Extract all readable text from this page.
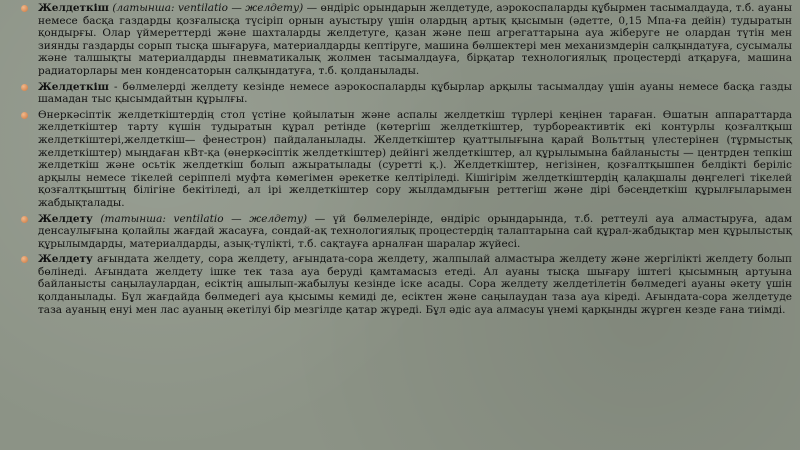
Желдеткіш (латынша: ventilatio — желдету) — өндіріс орындарын желдетуде, аэрокоспаларды құбырмен тасымалдауда, т.б. ауаны немесе басқа газдарды қозғалысқа түсіріп орнын ауыстыру үшін олардың артық қысымын (әдетте, 0,15 Мпа-ға дейін) тудыратын қондырғы. Олар үймереттерді және шахталарды желдетуге, қазан және пеш агрегаттарына ауа жіберуге не олардан түтін мен зиянды газдарды сорып тысқа шығаруға, материалдарды кептіруге, машина бөлшектері мен механизмдерін салқындатуға, сусымалы және талшықты материалдарды пневматикалық жолмен тасымалдауға, бірқатар технологиялық процестерді атқаруға, машина радиаторлары мен конденсаторын салқындатуға, т.б. қолданылады.

Желдеткіш - бөлмелерді желдету кезінде немесе аэрокоспаларды құбырлар арқылы тасымалдау үшін ауаны немесе басқа газды шамадан тыс қысымдайтын құрылғы.

Өнеркәсіптік желдеткіштердің стол үстіне қойылатын және аспалы желдеткіш түрлері кеңінен тараған. Өшатын аппараттарда желдеткіштер тарту күшін тудыратын құрал ретінде (көтергіш желдеткіштер, турбореактивтік екі контурлы қозғалтқыш желдеткіштері,желдеткіш— фенестрон) пайдаланылады. Желдеткіштер қуаттылығына қарай Вольттың үлестерінен (тұрмыстық желдеткіштер) мыңдаған кВт-қа (өнеркәсіптік желдеткіштер) дейінгі желдеткіштер, ал құрылымына байланысты — центрден тепкіш желдеткіш және осьтік желдеткіш болып ажыратылады (суретті қ.). Желдеткіштер, негізінен, қозғалтқышпен белдікті беріліс арқылы немесе тікелей серіппелі муфта көмегімен әрекетке келтіріледі. Кішігірім желдеткіштердің қалақшалы дөңгелегі тікелей қозғалтқыштың білігіне бекітіледі, ал ірі желдеткіштер сору жылдамдығын реттегіш және дірі бәсеңдеткіш құрылғыларымен жабдықталады.

Желдету (татынша: ventilatio — желдету) — үй бөлмелерінде, өндіріс орындарында, т.б. реттеулі ауа алмастыруға, адам денсаулығына қолайлы жағдай жасауға, сондай-ақ технологиялық процестердің талаптарына сай құрал-жабдықтар мен құрылыстық құрылымдарды, материалдарды, азық-түлікті, т.б. сақтауға арналған шаралар жүйесі.

Желдету ағындата желдету, сора желдету, ағындата-сора желдету, жалпылай алмастыра желдету және жергілікті желдету болып бөлінеді. Ағындата желдету ішке тек таза ауа беруді қамтамасыз етеді. Ал ауаны тысқа шығару іштегі қысымның артуына байланысты саңылаулардан, есіктің ашылып-жабылуы кезінде іске асады. Сора желдету желдетілетін бөлмедегі ауаны әкету үшін қолданылады. Бұл жағдайда бөлмедегі ауа қысымы кемиді де, есіктен және саңылаудан таза ауа кіреді. Ағындата-сора желдетуде таза ауаның енуі мен лас ауаның әкетілуі бір мезгілде қатар жүреді. Бұл әдіс ауа алмасуы үнемі қарқынды жүрген кезде ғана тиімді.
